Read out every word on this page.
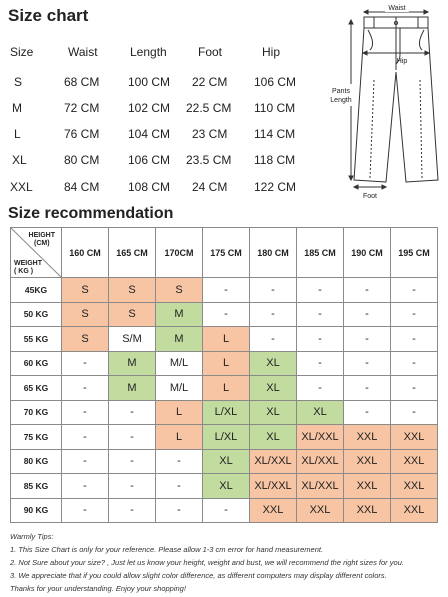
Size chart
Size	Waist	Length	Foot	Hip
S	68 CM 100 CM 22 CM 106 CM
M	72 CM 102 CM 22.5 CM 110 CM
L	76 CM 104 CM 23 CM 114 CM
XL	80 CM 106 CM 23.5 CM 118 CM
XXL	84 CM 108 CM 24 CM 122 CM
Waist
Hip
Pants
Length
Foot
Size recommendation
HEIGHT
(CM)
WEIGHT
( KG )	160 CM	165 CM	170CM	175 CM	180 CM	185 CM	190 CM	195 CM
45KG	S	S	S	-	-	-	-	-
50 KG	S	S	M	-	-	-	-	-
55 KG	S	S/M	M	L	-	-	-	-
60 KG	-	M	M/L	L	XL	-	-	-
65 KG	-	M	M/L	L	XL	-	-	-
70 KG	-	-	L	L/XL	XL	XL	-	-
75 KG	-	-	L	L/XL	XL	XL/XXL	XXL	XXL
80 KG	-	-	-	XL	XL/XXL	XL/XXL	XXL	XXL
85 KG	-	-	-	XL	XL/XXL	XL/XXL	XXL	XXL
90 KG	-	-	-	-	XXL	XXL	XXL	XXL
Warmly Tips:
1. This Size Chart is only for your reference. Please allow 1-3 cm error for hand measurement.
2. Not Sure about your size? , Just let us know your height, weight and bust, we will recommend the right sizes for you.
3. We appreciate that if you could allow slight color difference, as different computers may display different colors.
Thanks for your understanding. Enjoy your shopping!
